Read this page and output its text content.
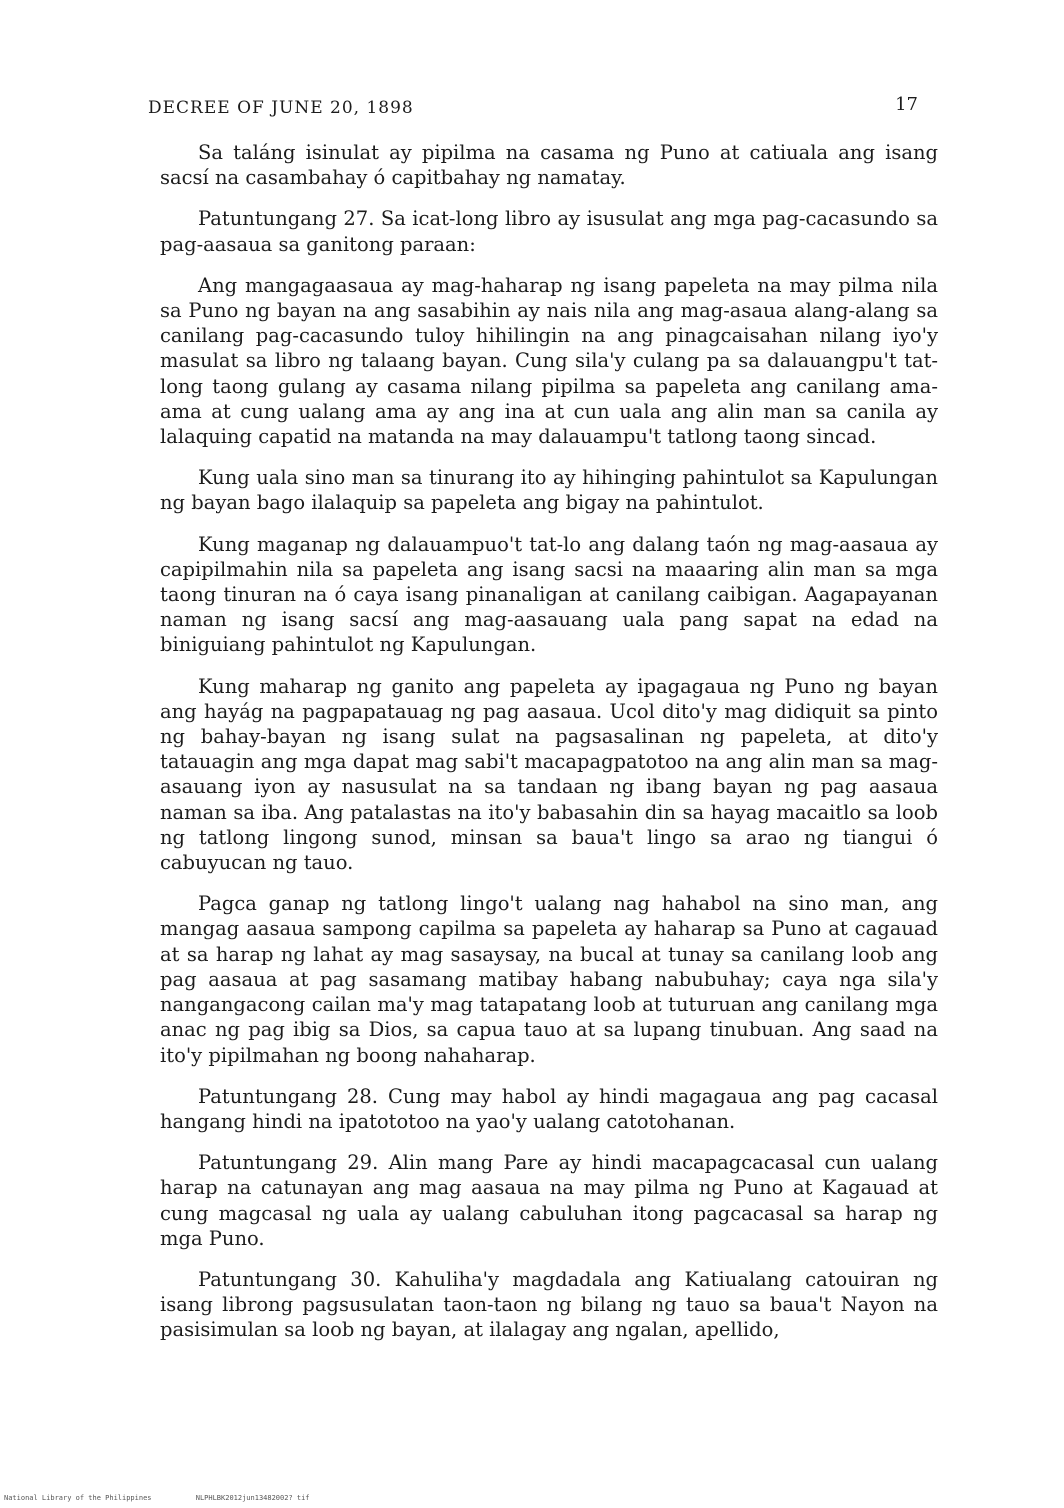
DECREE OF JUNE 20, 1898	17

Sa taláng isinulat ay pipilma na casama ng Puno at catiuala ang isang sacsí na casambahay ó capitbahay ng namatay.

Patuntungang 27. Sa icat-long libro ay isusulat ang mga pag-cacasundo sa pag-aasaua sa ganitong paraan:

Ang mangagaasaua ay mag-haharap ng isang papeleta na may pilma nila sa Puno ng bayan na ang sasabihin ay nais nila ang mag-asaua alang-alang sa canilang pag-cacasundo tuloy hihilingin na ang pinagcaisahan nilang iyo'y masulat sa libro ng talaang bayan. Cung sila'y culang pa sa dalauangpu't tat-long taong gulang ay casama nilang pipilma sa papeleta ang canilang ama-ama at cung ualang ama ay ang ina at cun uala ang alin man sa canila ay lalaquing capatid na matanda na may dalauampu't tatlong taong sincad.

Kung uala sino man sa tinurang ito ay hihinging pahintulot sa Kapulungan ng bayan bago ilalaquip sa papeleta ang bigay na pahintulot.

Kung maganap ng dalauampuo't tat-lo ang dalang taón ng mag-aasaua ay capipilmahin nila sa papeleta ang isang sacsi na maaaring alin man sa mga taong tinuran na ó caya isang pinanaligan at canilang caibigan. Aagapayanan naman ng isang sacsí ang mag-aasauang uala pang sapat na edad na biniguiang pahintulot ng Kapulungan.

Kung maharap ng ganito ang papeleta ay ipagagaua ng Puno ng bayan ang hayág na pagpapatauag ng pag aasaua. Ucol dito'y mag didiquit sa pinto ng bahay-bayan ng isang sulat na pagsasalinan ng papeleta, at dito'y tatauagin ang mga dapat mag sabi't macapagpatotoo na ang alin man sa mag-asauang iyon ay nasusulat na sa tandaan ng ibang bayan ng pag aasaua naman sa iba. Ang patalastas na ito'y babasahin din sa hayag macaitlo sa loob ng tatlong lingong sunod, minsan sa baua't lingo sa arao ng tiangui ó cabuyucan ng tauo.

Pagca ganap ng tatlong lingo't ualang nag hahabol na sino man, ang mangag aasaua sampong capilma sa papeleta ay haharap sa Puno at cagauad at sa harap ng lahat ay mag sasaysay, na bucal at tunay sa canilang loob ang pag aasaua at pag sasamang matibay habang nabubuhay; caya nga sila'y nangangacong cailan ma'y mag tatapatang loob at tuturuan ang canilang mga anac ng pag ibig sa Dios, sa capua tauo at sa lupang tinubuan. Ang saad na ito'y pipilmahan ng boong nahaharap.

Patuntungang 28. Cung may habol ay hindi magagaua ang pag cacasal hangang hindi na ipatototoo na yao'y ualang catotohanan.

Patuntungang 29. Alin mang Pare ay hindi macapagcacasal cun ualang harap na catunayan ang mag aasaua na may pilma ng Puno at Kagauad at cung magcasal ng uala ay ualang cabuluhan itong pagcacasal sa harap ng mga Puno.

Patuntungang 30. Kahuliha'y magdadala ang Katiualang catouiran ng isang librong pagsusulatan taon-taon ng bilang ng tauo sa baua't Nayon na pasisimulan sa loob ng bayan, at ilalagay ang ngalan, apellido,

National Library of the Philippines	NLPHLBK2012jun13482002? tif
